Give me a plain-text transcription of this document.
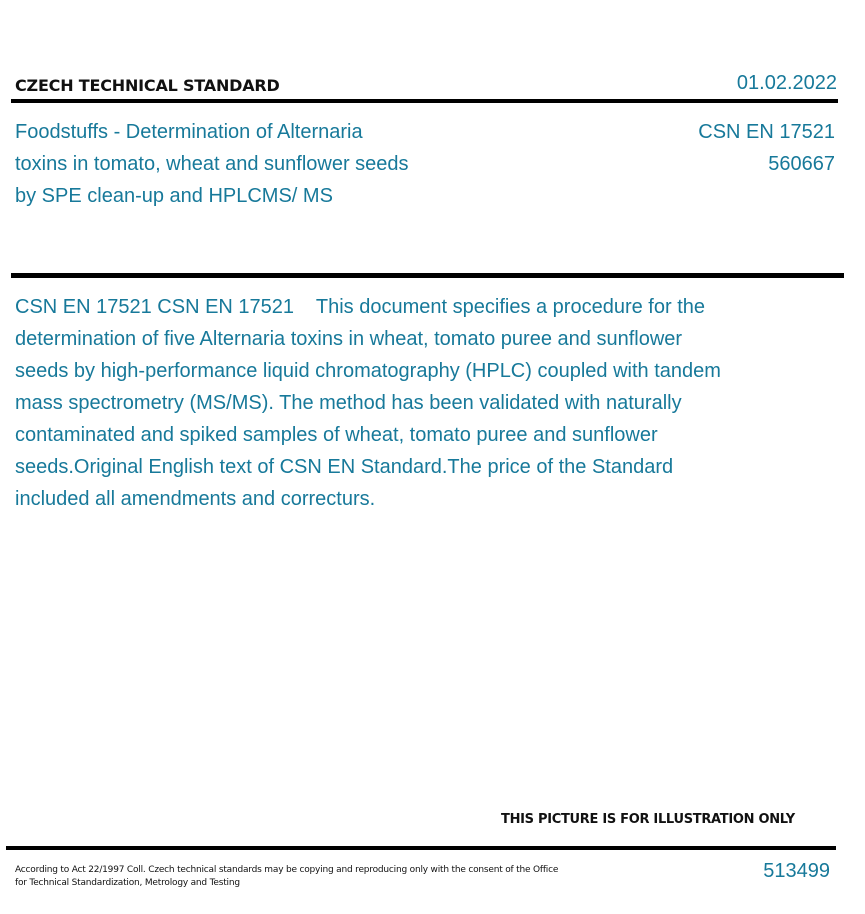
CZECH TECHNICAL STANDARD	01.02.2022
Foodstuffs - Determination of Alternaria
toxins in tomato, wheat and sunflower seeds
by SPE clean-up and HPLCMS/ MS
CSN EN 17521
560667
CSN EN 17521 CSN EN 17521    This document specifies a procedure for the
determination of five Alternaria toxins in wheat, tomato puree and sunflower
seeds by high-performance liquid chromatography (HPLC) coupled with tandem
mass spectrometry (MS/MS). The method has been validated with naturally
contaminated and spiked samples of wheat, tomato puree and sunflower
seeds.Original English text of CSN EN Standard.The price of the Standard
included all amendments and correcturs.
THIS PICTURE IS FOR ILLUSTRATION ONLY
According to Act 22/1997 Coll. Czech technical standards may be copying and reproducing only with the consent of the Office
for Technical Standardization, Metrology and Testing
513499
